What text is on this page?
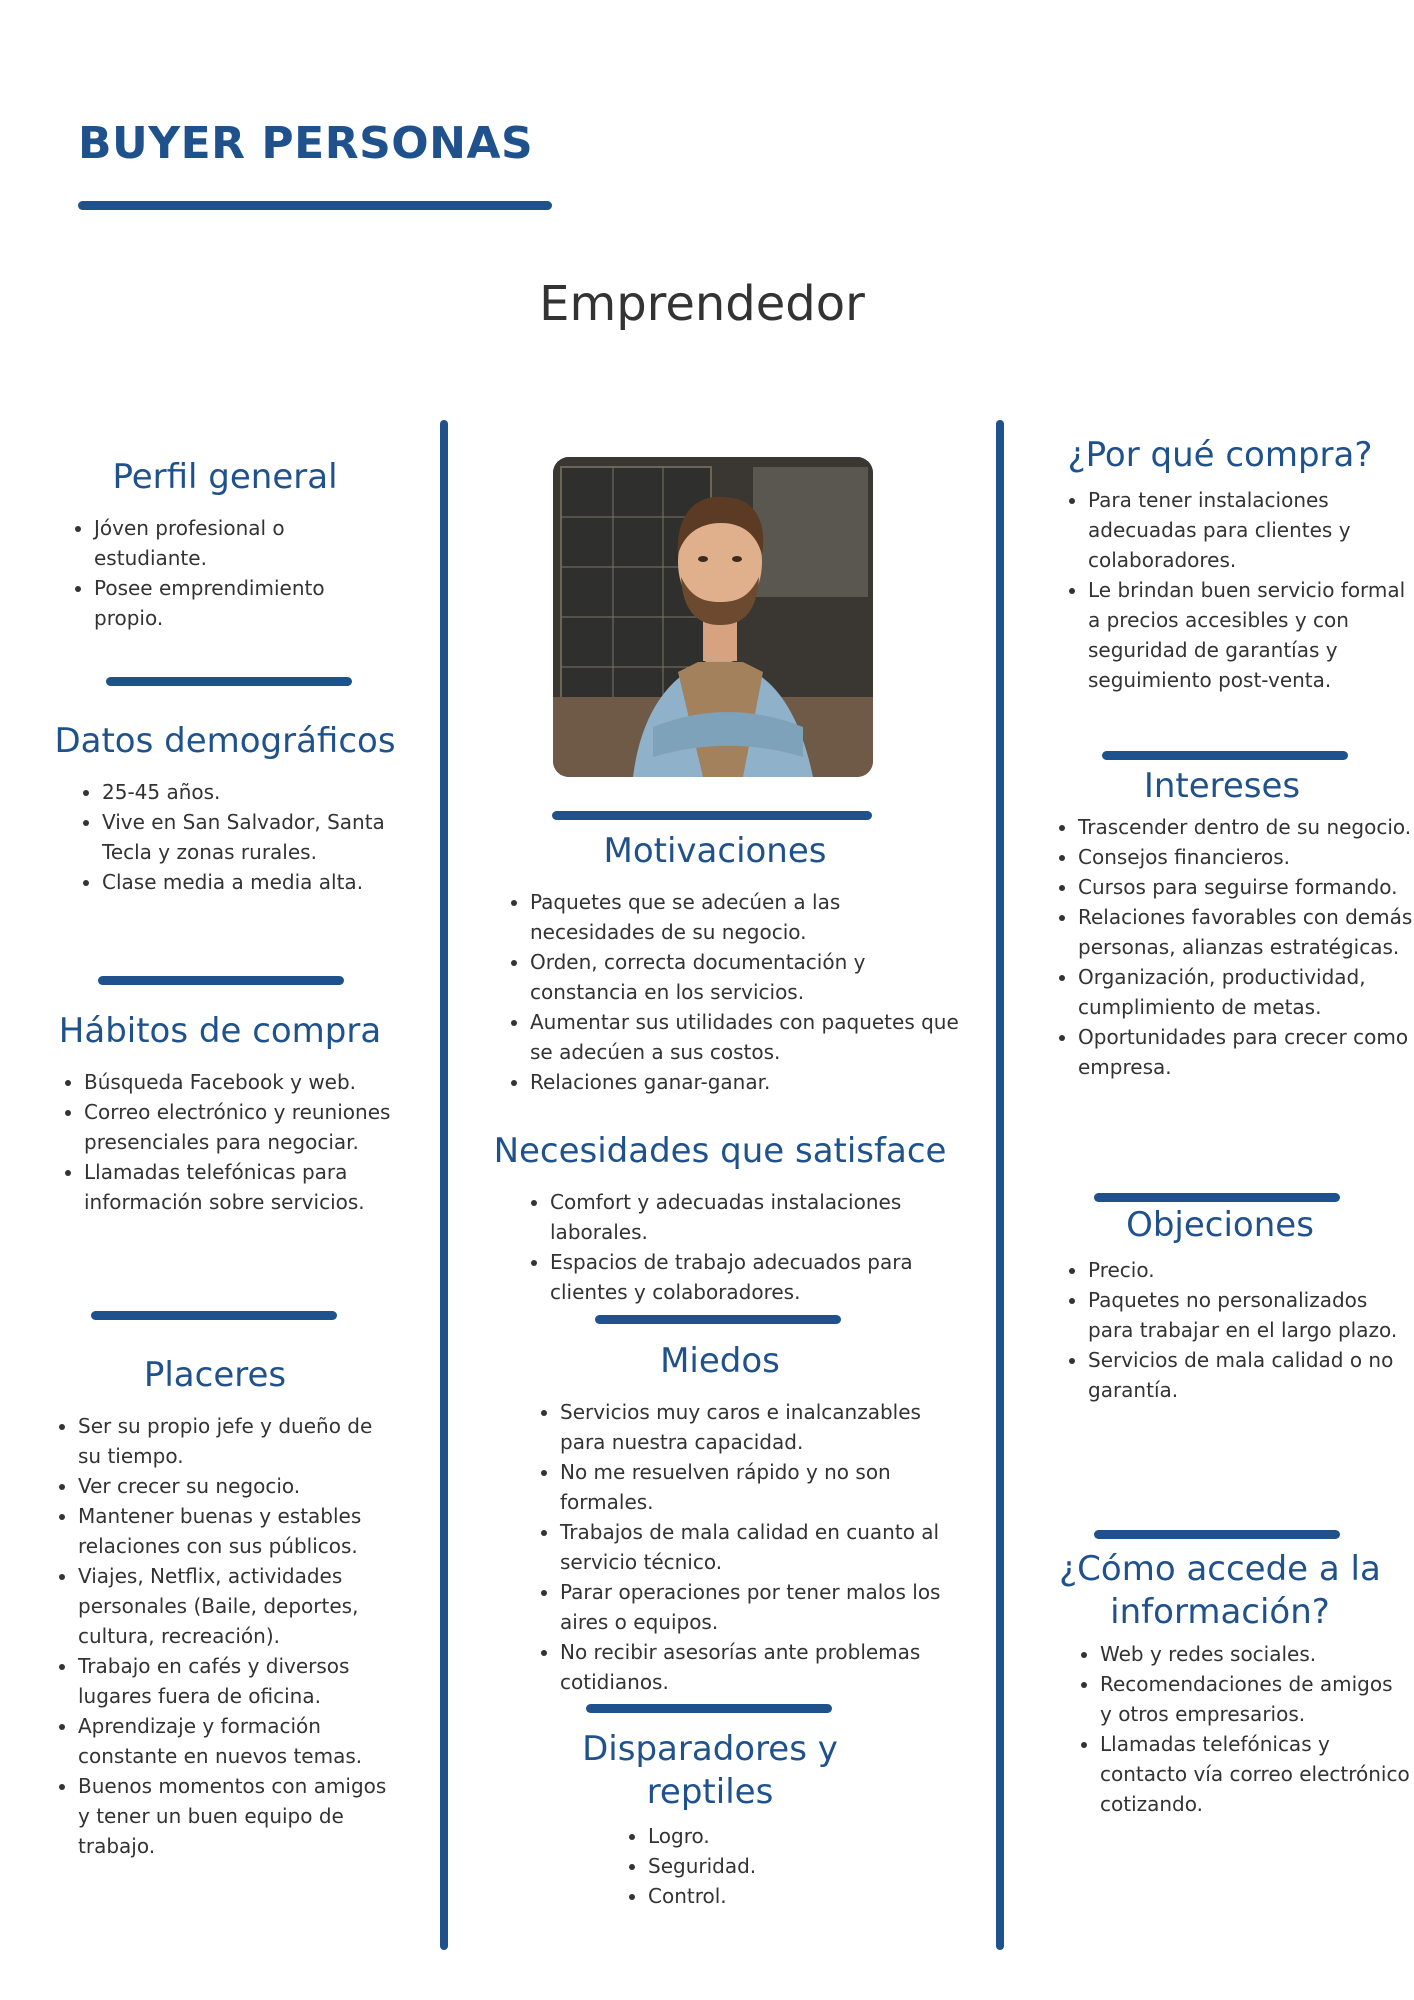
BUYER PERSONAS
Emprendedor
Perfil general
• Jóven profesional o estudiante.
• Posee emprendimiento propio.
Datos demográficos
• 25-45 años.
• Vive en San Salvador, Santa Tecla y zonas rurales.
• Clase media a media alta.
Hábitos de compra
• Búsqueda Facebook y web.
• Correo electrónico y reuniones presenciales para negociar.
• Llamadas telefónicas para información sobre servicios.
Placeres
• Ser su propio jefe y dueño de su tiempo.
• Ver crecer su negocio.
• Mantener buenas y estables relaciones con sus públicos.
• Viajes, Netflix, actividades personales (Baile, deportes, cultura, recreación).
• Trabajo en cafés y diversos lugares fuera de oficina.
• Aprendizaje y formación constante en nuevos temas.
• Buenos momentos con amigos y tener un buen equipo de trabajo.
Motivaciones
• Paquetes que se adecúen a las necesidades de su negocio.
• Orden, correcta documentación y constancia en los servicios.
• Aumentar sus utilidades con paquetes que se adecúen a sus costos.
• Relaciones ganar-ganar.
Necesidades que satisface
• Comfort y adecuadas instalaciones laborales.
• Espacios de trabajo adecuados para clientes y colaboradores.
Miedos
• Servicios muy caros e inalcanzables para nuestra capacidad.
• No me resuelven rápido y no son formales.
• Trabajos de mala calidad en cuanto al servicio técnico.
• Parar operaciones por tener malos los aires o equipos.
• No recibir asesorías ante problemas cotidianos.
Disparadores y reptiles
• Logro.
• Seguridad.
• Control.
¿Por qué compra?
• Para tener instalaciones adecuadas para clientes y colaboradores.
• Le brindan buen servicio formal a precios accesibles y con seguridad de garantías y seguimiento post-venta.
Intereses
• Trascender dentro de su negocio.
• Consejos financieros.
• Cursos para seguirse formando.
• Relaciones favorables con demás personas, alianzas estratégicas.
• Organización, productividad, cumplimiento de metas.
• Oportunidades para crecer como empresa.
Objeciones
• Precio.
• Paquetes no personalizados para trabajar en el largo plazo.
• Servicios de mala calidad o no garantía.
¿Cómo accede a la información?
• Web y redes sociales.
• Recomendaciones de amigos y otros empresarios.
• Llamadas telefónicas y contacto vía correo electrónico cotizando.
